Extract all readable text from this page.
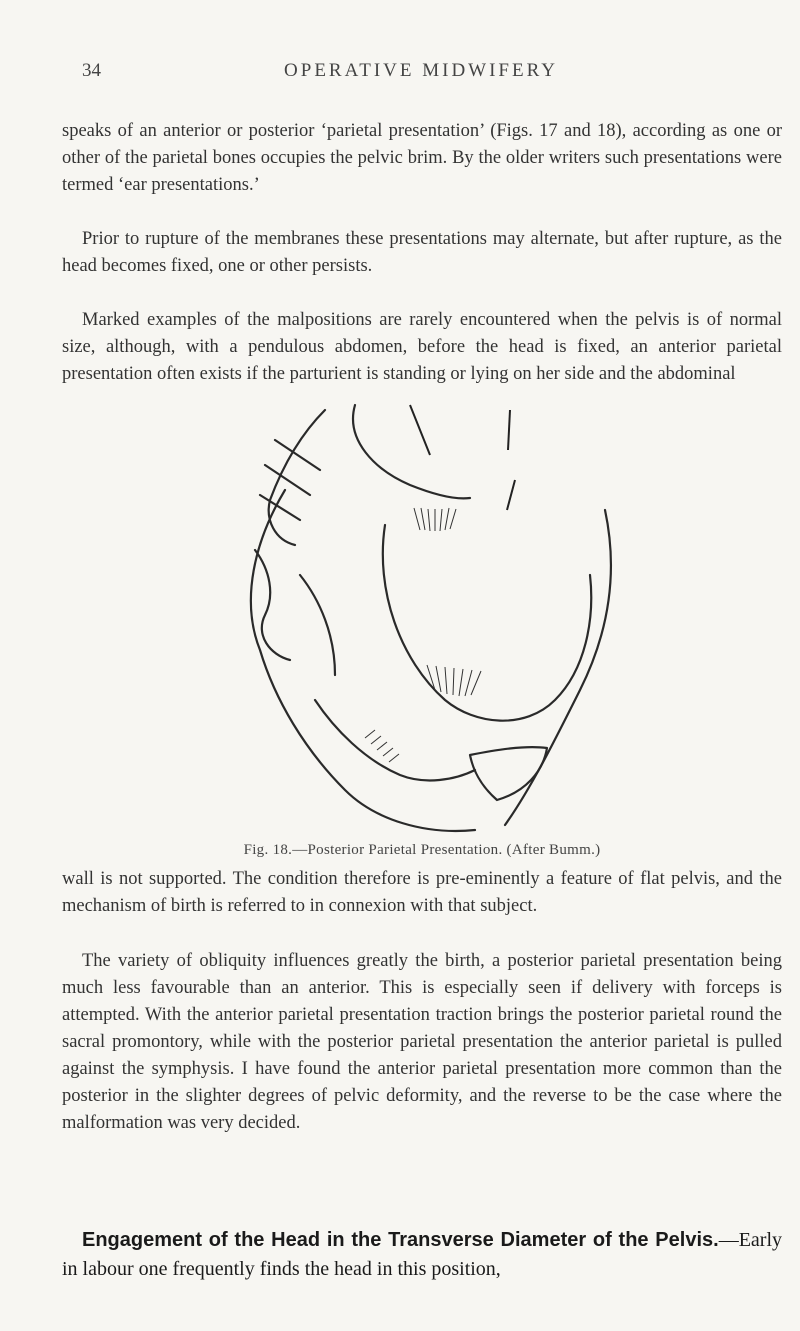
34	OPERATIVE MIDWIFERY

speaks of an anterior or posterior ‘parietal presentation’ (Figs. 17 and 18), according as one or other of the parietal bones occupies the pelvic brim. By the older writers such presentations were termed ‘ear presentations.’

Prior to rupture of the membranes these presentations may alternate, but after rupture, as the head becomes fixed, one or other persists.

Marked examples of the malpositions are rarely encountered when the pelvis is of normal size, although, with a pendulous abdomen, before the head is fixed, an anterior parietal presentation often exists if the parturient is standing or lying on her side and the abdominal

Fig. 18.—Posterior Parietal Presentation. (After Bumm.)

wall is not supported. The condition therefore is pre-eminently a feature of flat pelvis, and the mechanism of birth is referred to in connexion with that subject.

The variety of obliquity influences greatly the birth, a posterior parietal presentation being much less favourable than an anterior. This is especially seen if delivery with forceps is attempted. With the anterior parietal presentation traction brings the posterior parietal round the sacral promontory, while with the posterior parietal presentation the anterior parietal is pulled against the symphysis. I have found the anterior parietal presentation more common than the posterior in the slighter degrees of pelvic deformity, and the reverse to be the case where the malformation was very decided.

Engagement of the Head in the Transverse Diameter of the Pelvis.—Early in labour one frequently finds the head in this position,
